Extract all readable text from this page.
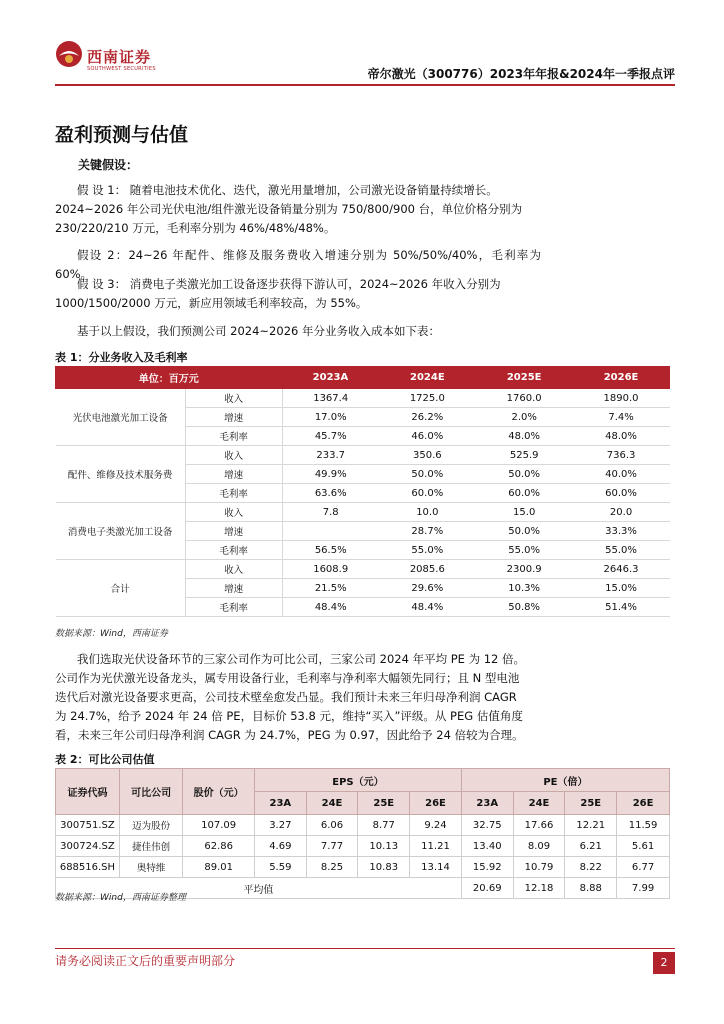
西南证券
SOUTHWEST SECURITIES	帝尔激光（300776）2023年年报&2024年一季报点评
盈利预测与估值
关键假设：

假 设 1： 随着电池技术优化、迭代，激光用量增加，公司激光设备销量持续增长。

2024~2026 年公司光伏电池/组件激光设备销量分别为 750/800/900 台，单位价格分别为

230/220/210 万元，毛利率分别为 46%/48%/48%。

假设 2：24~26 年配件、维修及服务费收入增速分别为 50%/50%/40%，毛利率为 60%。

假 设 3： 消费电子类激光加工设备逐步获得下游认可，2024~2026 年收入分别为

1000/1500/2000 万元，新应用领域毛利率较高，为 55%。

基于以上假设，我们预测公司 2024~2026 年分业务收入成本如下表：

表 1：分业务收入及毛利率
单位：百万元		2023A	2024E	2025E	2026E
光伏电池激光加工设备	收入	1367.4	1725.0	1760.0	1890.0
	增速	17.0%	26.2%	2.0%	7.4%
	毛利率	45.7%	46.0%	48.0%	48.0%
配件、维修及技术服务费	收入	233.7	350.6	525.9	736.3
	增速	49.9%	50.0%	50.0%	40.0%
	毛利率	63.6%	60.0%	60.0%	60.0%
消费电子类激光加工设备	收入	7.8	10.0	15.0	20.0
	增速		28.7%	50.0%	33.3%
	毛利率	56.5%	55.0%	55.0%	55.0%
合计	收入	1608.9	2085.6	2300.9	2646.3
	增速	21.5%	29.6%	10.3%	15.0%
	毛利率	48.4%	48.4%	50.8%	51.4%
数据来源：Wind，西南证券

我们选取光伏设备环节的三家公司作为可比公司，三家公司 2024 年平均 PE 为 12 倍。

公司作为光伏激光设备龙头，属专用设备行业，毛利率与净利率大幅领先同行；且 N 型电池

迭代后对激光设备要求更高，公司技术壁垒愈发凸显。我们预计未来三年归母净利润 CAGR

为 24.7%，给予 2024 年 24 倍 PE，目标价 53.8 元，维持“买入”评级。从 PEG 估值角度

看，未来三年公司归母净利润 CAGR 为 24.7%，PEG 为 0.97，因此给予 24 倍较为合理。

表 2：可比公司估值
证券代码	可比公司	股价（元）	EPS（元）				PE（倍）			
			23A	24E	25E	26E	23A	24E	25E	26E
300751.SZ	迈为股份	107.09	3.27	6.06	8.77	9.24	32.75	17.66	12.21	11.59
300724.SZ	捷佳伟创	62.86	4.69	7.77	10.13	11.21	13.40	8.09	6.21	5.61
688516.SH	奥特维	89.01	5.59	8.25	10.83	13.14	15.92	10.79	8.22	6.77
平均值							20.69	12.18	8.88	7.99
数据来源：Wind，西南证券整理
请务必阅读正文后的重要声明部分	2
